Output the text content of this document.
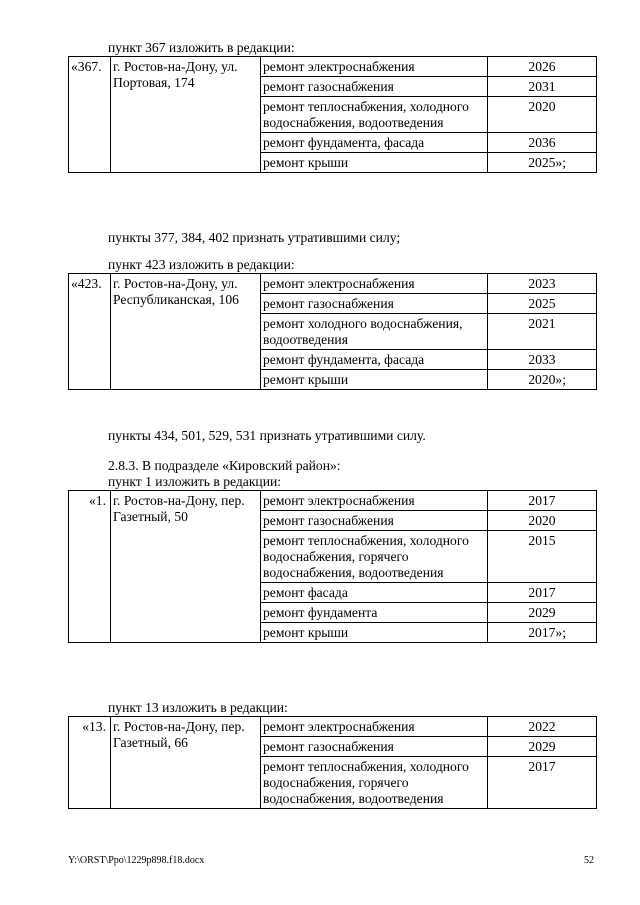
пункт 367 изложить в редакции:
«367.	г. Ростов-на-Дону, ул. Портовая, 174	ремонт электроснабжения	2026
		ремонт газоснабжения	2031
		ремонт теплоснабжения, холодного водоснабжения, водоотведения	2020
		ремонт фундамента, фасада	2036
		ремонт крыши	2025»;
пункты 377, 384, 402 признать утратившими силу;
пункт 423 изложить в редакции:
«423.	г. Ростов-на-Дону, ул. Республиканская, 106	ремонт электроснабжения	2023
		ремонт газоснабжения	2025
		ремонт холодного водоснабжения, водоотведения	2021
		ремонт фундамента, фасада	2033
		ремонт крыши	2020»;
пункты 434, 501, 529, 531 признать утратившими силу.
2.8.3. В подразделе «Кировский район»:
пункт 1 изложить в редакции:
«1.	г. Ростов-на-Дону, пер. Газетный, 50	ремонт электроснабжения	2017
		ремонт газоснабжения	2020
		ремонт теплоснабжения, холодного водоснабжения, горячего водоснабжения, водоотведения	2015
		ремонт фасада	2017
		ремонт фундамента	2029
		ремонт крыши	2017»;
пункт 13 изложить в редакции:
«13.	г. Ростов-на-Дону, пер. Газетный, 66	ремонт электроснабжения	2022
		ремонт газоснабжения	2029
		ремонт теплоснабжения, холодного водоснабжения, горячего водоснабжения, водоотведения	2017
Y:\ORST\Ppo\1229p898.f18.docx	52
